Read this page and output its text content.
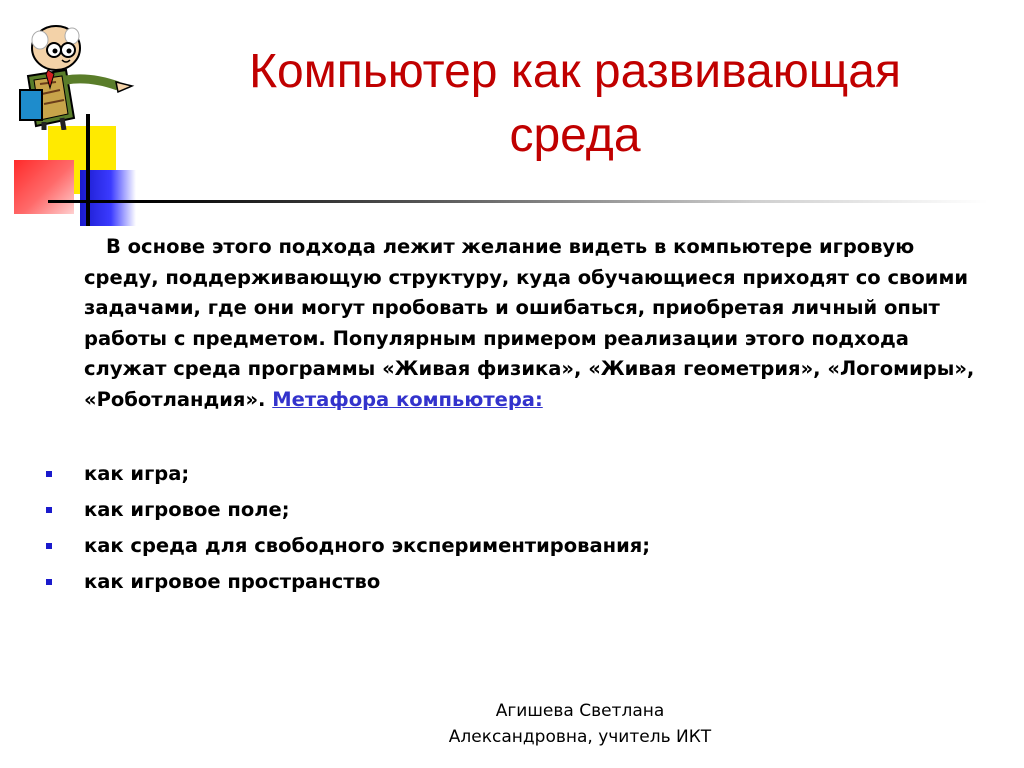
Компьютер как развивающая
среда

В основе этого подхода лежит желание видеть в компьютере игровую среду, поддерживающую структуру, куда обучающиеся приходят со своими задачами, где они могут пробовать и ошибаться, приобретая личный опыт работы с предметом. Популярным примером реализации этого подхода служат среда программы «Живая физика», «Живая геометрия», «Логомиры», «Роботландия». Метафора компьютера:

как игра;
как игровое поле;
как среда для свободного экспериментирования;
как игровое пространство
Агишева Светлана
Александровна, учитель ИКТ
